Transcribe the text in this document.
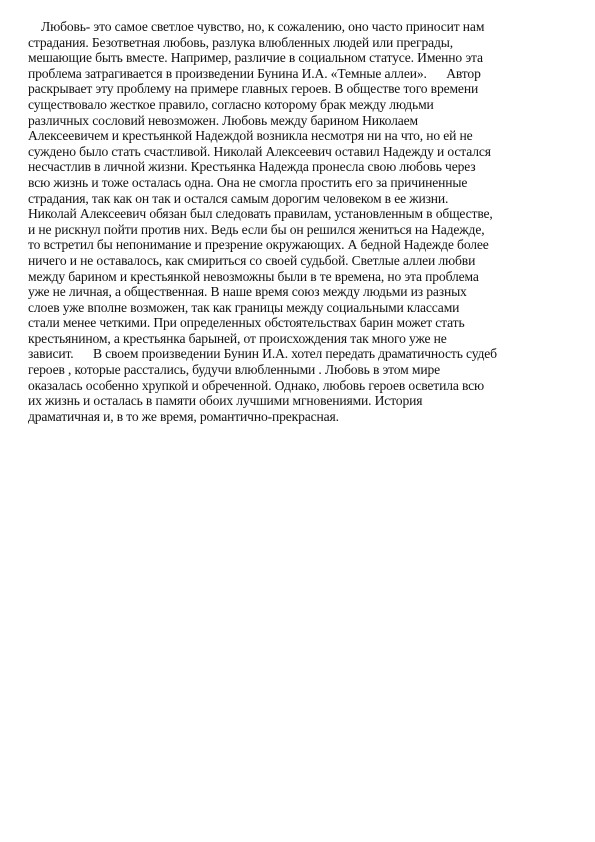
Любовь- это самое светлое чувство, но, к сожалению, оно часто приносит нам
страдания. Безответная любовь, разлука влюбленных людей или преграды,
мешающие быть вместе. Например, различие в социальном статусе. Именно эта
проблема затрагивается в произведении Бунина И.А. «Темные аллеи».      Автор
раскрывает эту проблему на примере главных героев. В обществе того времени
существовало жесткое правило, согласно которому брак между людьми
различных сословий невозможен. Любовь между барином Николаем
Алексеевичем и крестьянкой Надеждой возникла несмотря ни на что, но ей не
суждено было стать счастливой. Николай Алексеевич оставил Надежду и остался
несчастлив в личной жизни. Крестьянка Надежда пронесла свою любовь через
всю жизнь и тоже осталась одна. Она не смогла простить его за причиненные
страдания, так как он так и остался самым дорогим человеком в ее жизни.
Николай Алексеевич обязан был следовать правилам, установленным в обществе,
и не рискнул пойти против них. Ведь если бы он решился жениться на Надежде,
то встретил бы непонимание и презрение окружающих. А бедной Надежде более
ничего и не оставалось, как смириться со своей судьбой. Светлые аллеи любви
между барином и крестьянкой невозможны были в те времена, но эта проблема
уже не личная, а общественная. В наше время союз между людьми из разных
слоев уже вполне возможен, так как границы между социальными классами
стали менее четкими. При определенных обстоятельствах барин может стать
крестьянином, а крестьянка барыней, от происхождения так много уже не
зависит.      В своем произведении Бунин И.А. хотел передать драматичность судеб
героев , которые расстались, будучи влюбленными . Любовь в этом мире
оказалась особенно хрупкой и обреченной. Однако, любовь героев осветила всю
их жизнь и осталась в памяти обоих лучшими мгновениями. История
драматичная и, в то же время, романтично-прекрасная.
